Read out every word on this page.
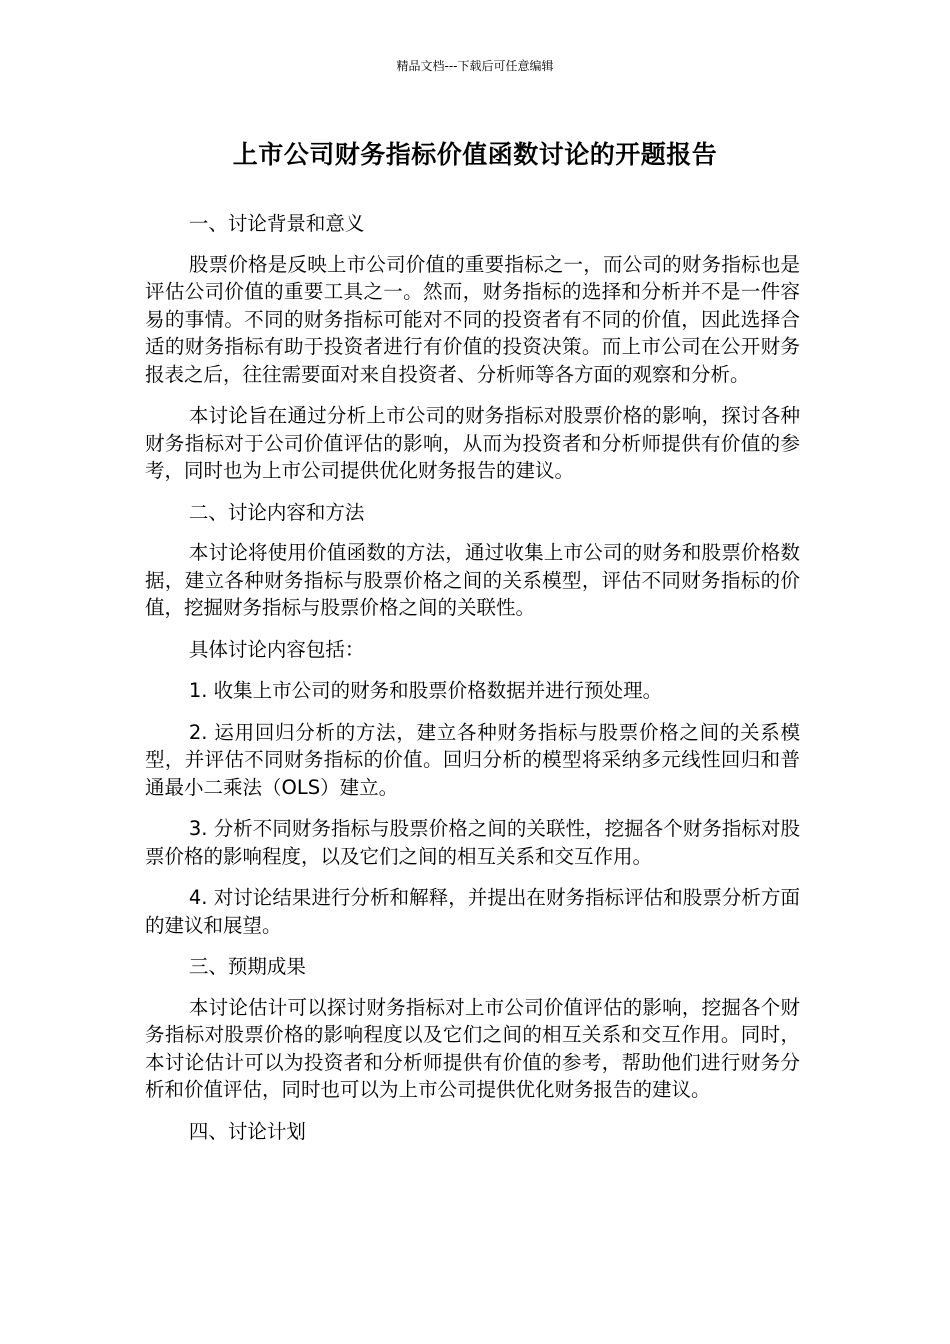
精品文档---下载后可任意编辑
上市公司财务指标价值函数讨论的开题报告

一、讨论背景和意义

股票价格是反映上市公司价值的重要指标之一，而公司的财务指标也是评估公司价值的重要工具之一。然而，财务指标的选择和分析并不是一件容易的事情。不同的财务指标可能对不同的投资者有不同的价值，因此选择合适的财务指标有助于投资者进行有价值的投资决策。而上市公司在公开财务报表之后，往往需要面对来自投资者、分析师等各方面的观察和分析。

本讨论旨在通过分析上市公司的财务指标对股票价格的影响，探讨各种财务指标对于公司价值评估的影响，从而为投资者和分析师提供有价值的参考，同时也为上市公司提供优化财务报告的建议。

二、讨论内容和方法

本讨论将使用价值函数的方法，通过收集上市公司的财务和股票价格数据，建立各种财务指标与股票价格之间的关系模型，评估不同财务指标的价值，挖掘财务指标与股票价格之间的关联性。

具体讨论内容包括：

1. 收集上市公司的财务和股票价格数据并进行预处理。

2. 运用回归分析的方法，建立各种财务指标与股票价格之间的关系模型，并评估不同财务指标的价值。回归分析的模型将采纳多元线性回归和普通最小二乘法（OLS）建立。

3. 分析不同财务指标与股票价格之间的关联性，挖掘各个财务指标对股票价格的影响程度，以及它们之间的相互关系和交互作用。

4. 对讨论结果进行分析和解释，并提出在财务指标评估和股票分析方面的建议和展望。

三、预期成果

本讨论估计可以探讨财务指标对上市公司价值评估的影响，挖掘各个财务指标对股票价格的影响程度以及它们之间的相互关系和交互作用。同时，本讨论估计可以为投资者和分析师提供有价值的参考，帮助他们进行财务分析和价值评估，同时也可以为上市公司提供优化财务报告的建议。

四、讨论计划
